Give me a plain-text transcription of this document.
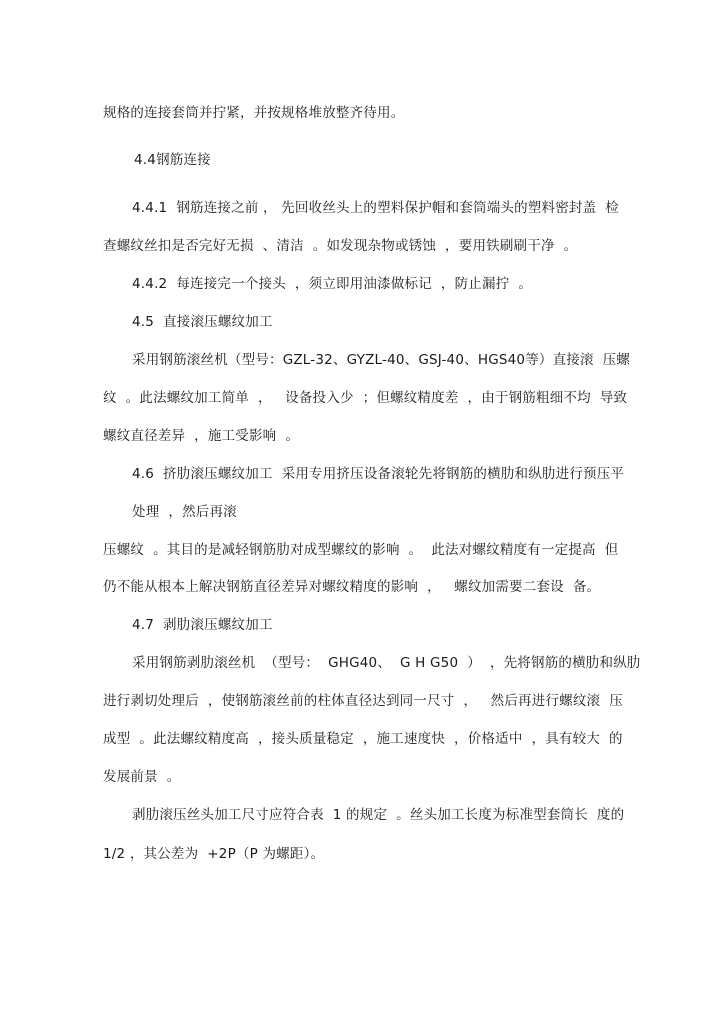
规格的连接套筒并拧紧，并按规格堆放整齐待用。
4.4钢筋连接
4.4.1  钢筋连接之前 ， 先回收丝头上的塑料保护帽和套筒端头的塑料密封盖  检
查螺纹丝扣是否完好无损  、清洁  。如发现杂物或锈蚀  ，要用铁刷刷干净  。
4.4.2  每连接完一个接头  ，须立即用油漆做标记  ，防止漏拧  。
4.5  直接滚压螺纹加工
采用钢筋滚丝机（型号：GZL-32、GYZL-40、GSJ-40、HGS40等）直接滚  压螺
纹  。此法螺纹加工简单  ，   设备投入少  ；但螺纹精度差  ，由于钢筋粗细不均  导致
螺纹直径差异  ，施工受影响  。
4.6  挤肋滚压螺纹加工  采用专用挤压设备滚轮先将钢筋的横肋和纵肋进行预压平
处理  ，然后再滚
压螺纹  。其目的是减轻钢筋肋对成型螺纹的影响  。  此法对螺纹精度有一定提高  但
仍不能从根本上解决钢筋直径差异对螺纹精度的影响  ，   螺纹加需要二套设  备。
4.7  剥肋滚压螺纹加工
采用钢筋剥肋滚丝机  （型号：  GHG40、  G H G50  ）  ，先将钢筋的横肋和纵肋
进行剥切处理后  ，使钢筋滚丝前的柱体直径达到同一尺寸  ，   然后再进行螺纹滚  压
成型  。此法螺纹精度高  ，接头质量稳定  ，施工速度快  ，价格适中  ，具有较大  的
发展前景  。
剥肋滚压丝头加工尺寸应符合表  1 的规定  。丝头加工长度为标准型套筒长  度的
1/2 ，其公差为  +2P（P 为螺距）。
